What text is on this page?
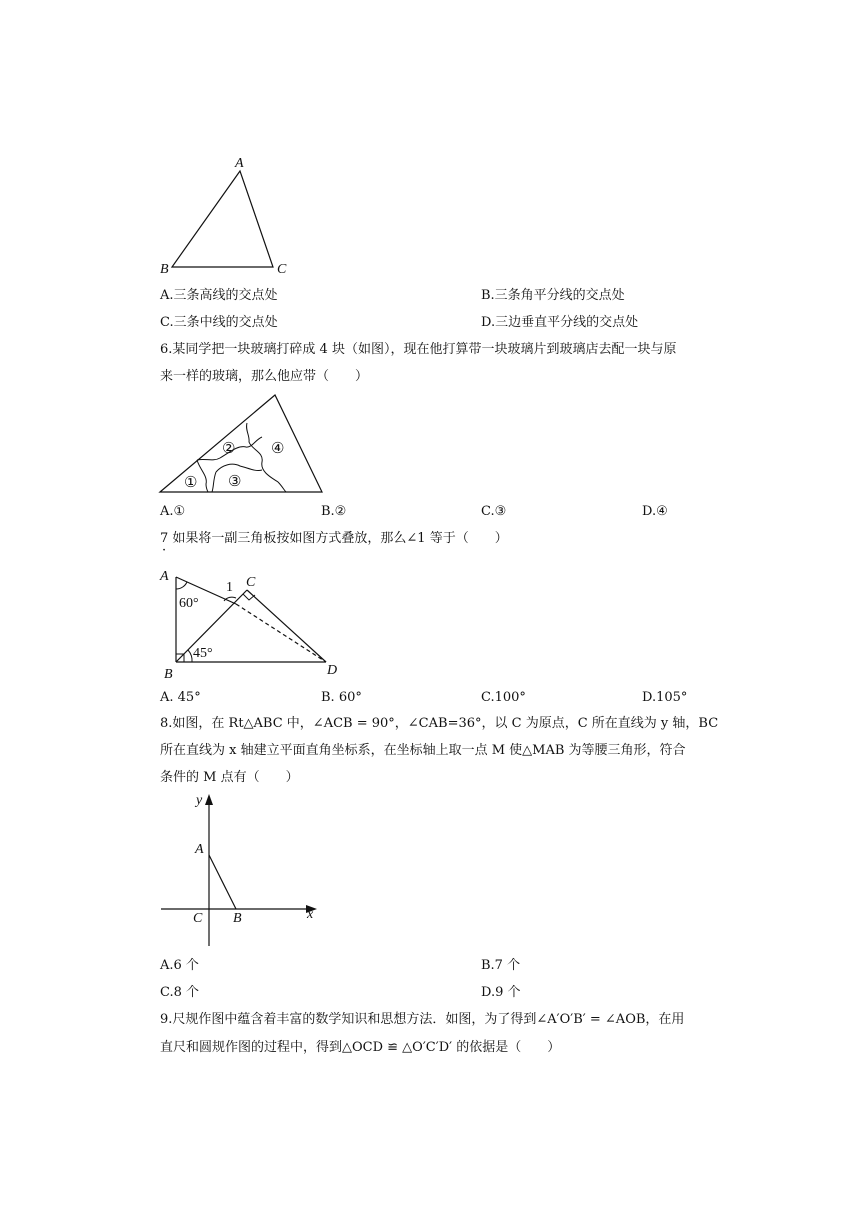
A
B	C
A.三条高线的交点处	B.三条角平分线的交点处
C.三条中线的交点处	D.三边垂直平分线的交点处
6.某同学把一块玻璃打碎成 4 块（如图），现在他打算带一块玻璃片到玻璃店去配一块与原
来一样的玻璃，那么他应带（　　）
①
②
③
④
A.①	B.②	C.③	D.④
7 如果将一副三角板按如图方式叠放，那么∠1 等于（　　）
·
A	C
B	D
1
60°
45°
A. 45°	B. 60°	C.100°	D.105°
8.如图，在 Rt△ABC 中，∠ACB = 90°，∠CAB=36°，以 C 为原点，C 所在直线为 y 轴，BC
所在直线为 x 轴建立平面直角坐标系，在坐标轴上取一点 M 使△MAB 为等腰三角形，符合
条件的 M 点有（　　）
y
A
C B	x
A.6 个	B.7 个
C.8 个	D.9 个
9.尺规作图中蕴含着丰富的数学知识和思想方法．如图，为了得到∠A′O′B′ = ∠AOB，在用
直尺和圆规作图的过程中，得到△OCD ≌ △O′C′D′ 的依据是（　　）
